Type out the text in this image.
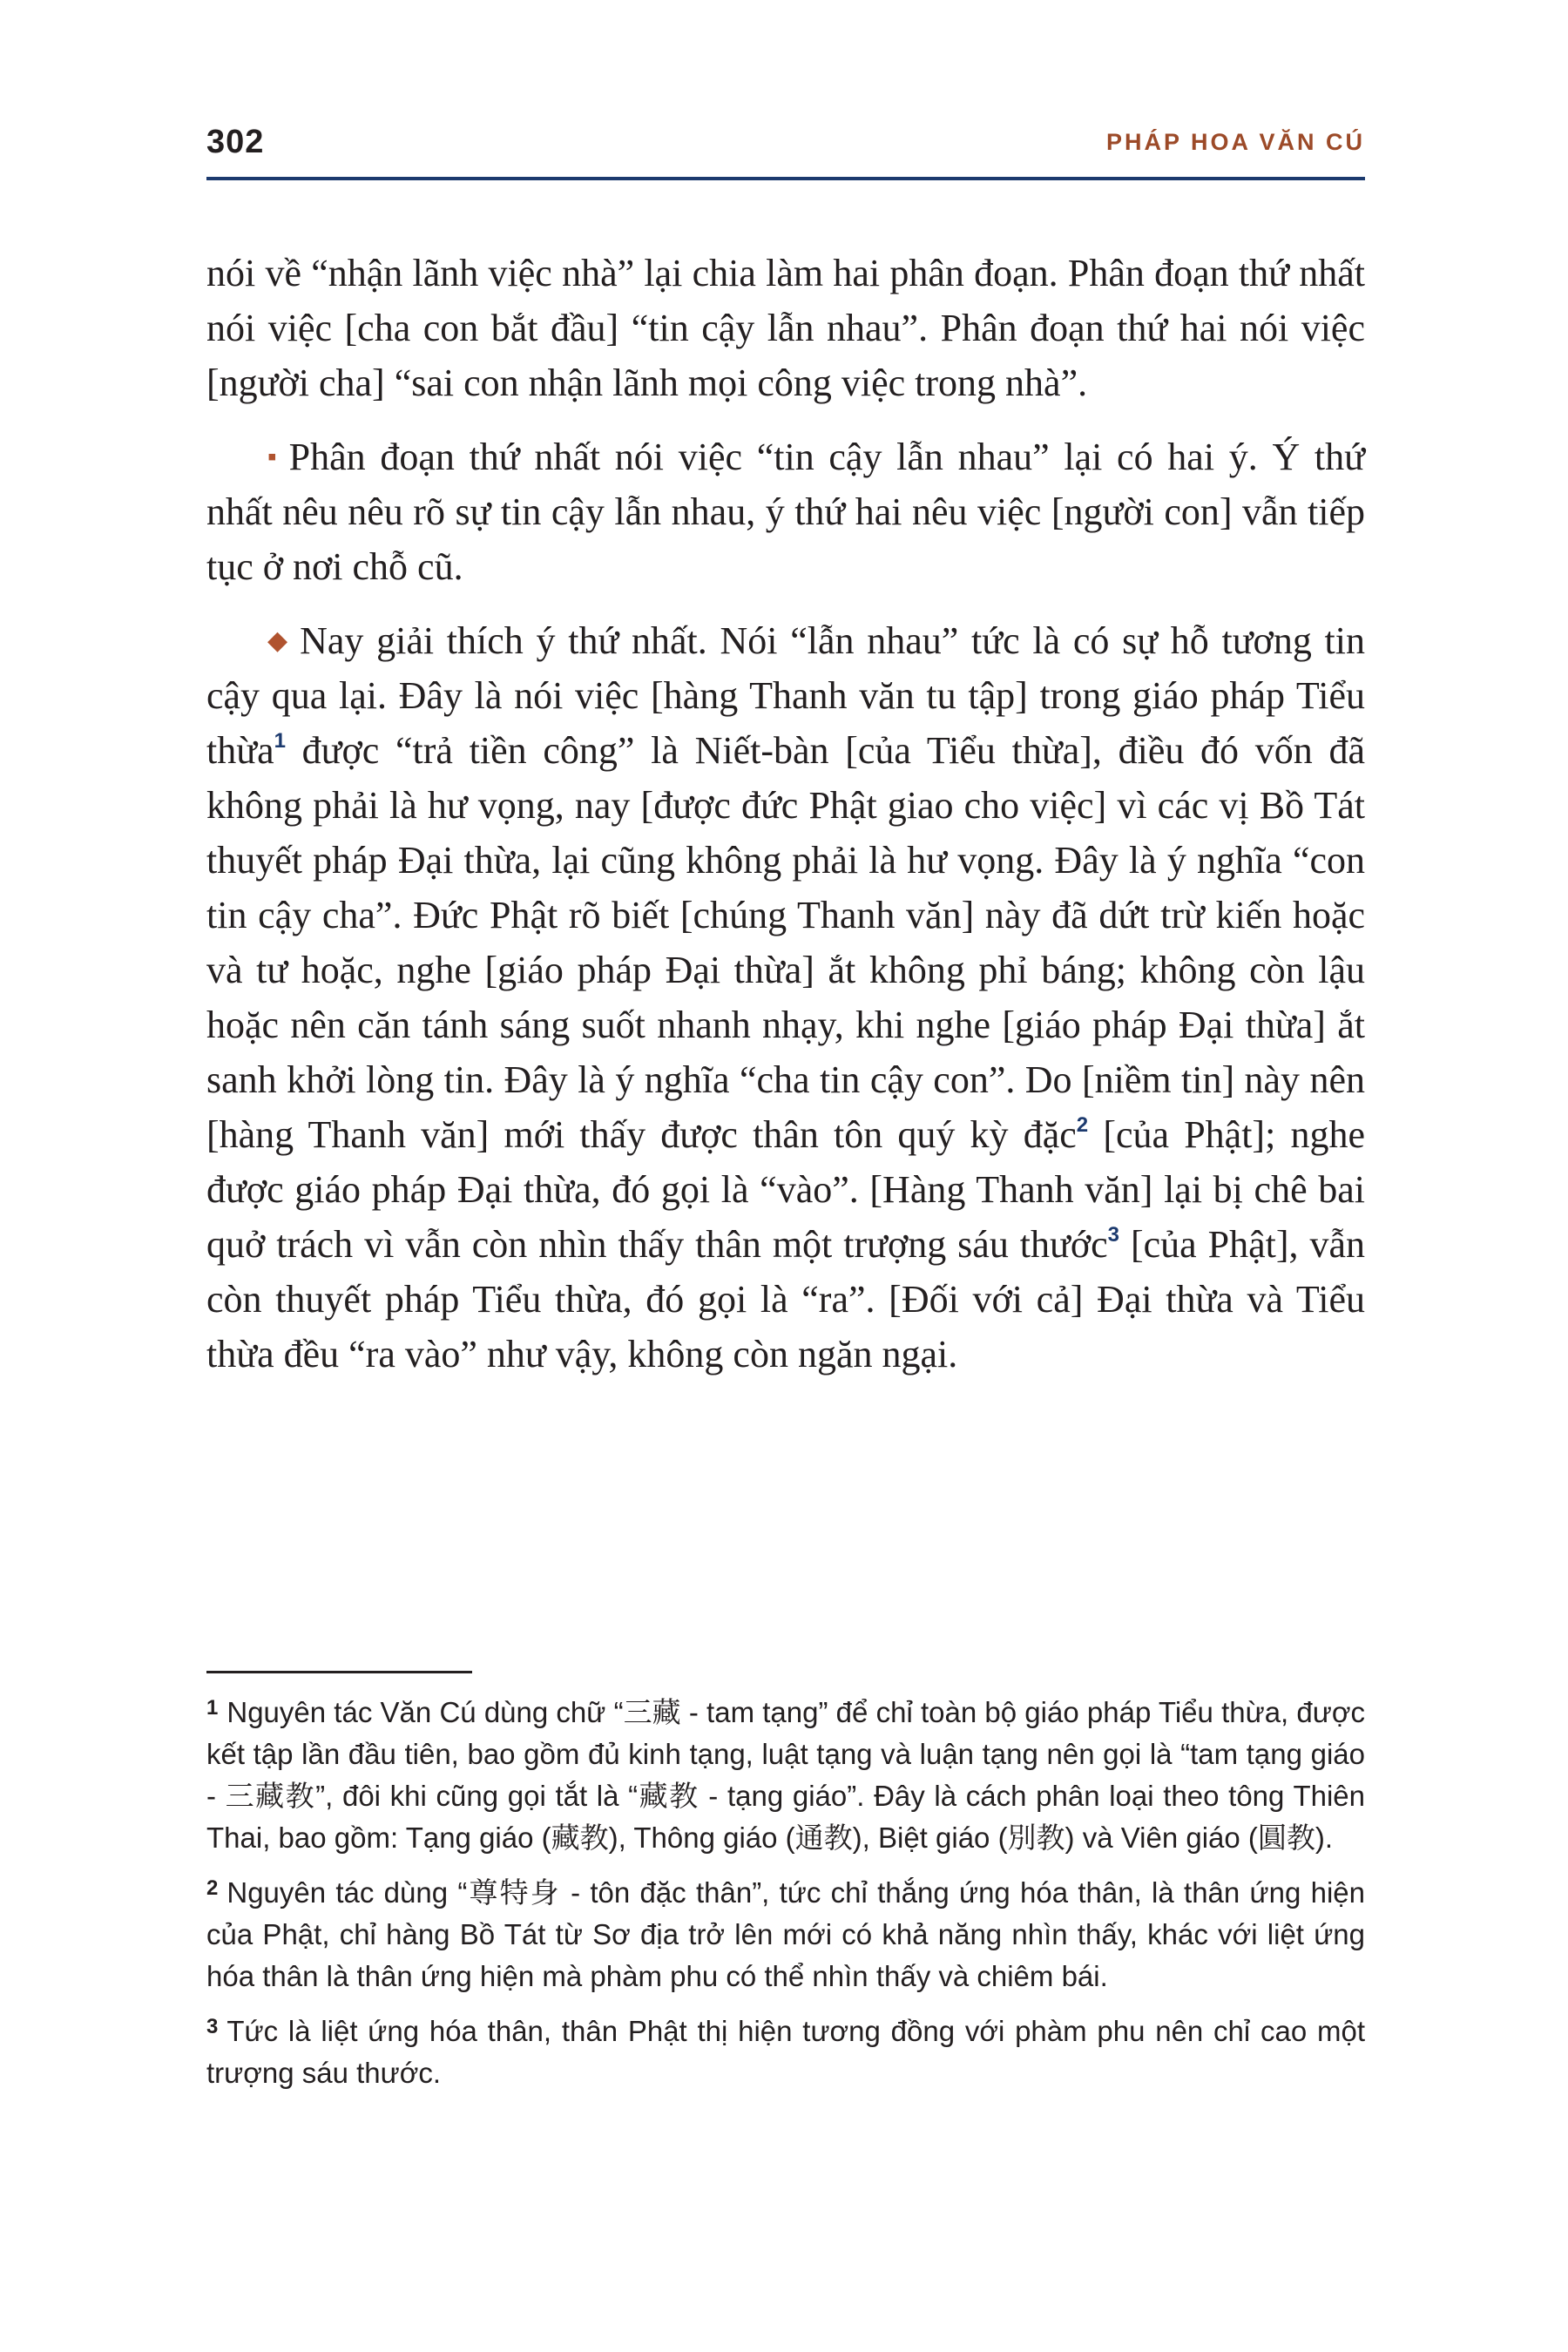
302	PHÁP HOA VĂN CÚ

nói về “nhận lãnh việc nhà” lại chia làm hai phân đoạn. Phân đoạn thứ nhất nói việc [cha con bắt đầu] “tin cậy lẫn nhau”. Phân đoạn thứ hai nói việc [người cha] “sai con nhận lãnh mọi công việc trong nhà”.

▪ Phân đoạn thứ nhất nói việc “tin cậy lẫn nhau” lại có hai ý. Ý thứ nhất nêu nêu rõ sự tin cậy lẫn nhau, ý thứ hai nêu việc [người con] vẫn tiếp tục ở nơi chỗ cũ.

◆ Nay giải thích ý thứ nhất. Nói “lẫn nhau” tức là có sự hỗ tương tin cậy qua lại. Đây là nói việc [hàng Thanh văn tu tập] trong giáo pháp Tiểu thừa$^1$ được “trả tiền công” là Niết-bàn [của Tiểu thừa], điều đó vốn đã không phải là hư vọng, nay [được đức Phật giao cho việc] vì các vị Bồ Tát thuyết pháp Đại thừa, lại cũng không phải là hư vọng. Đây là ý nghĩa “con tin cậy cha”. Đức Phật rõ biết [chúng Thanh văn] này đã dứt trừ kiến hoặc và tư hoặc, nghe [giáo pháp Đại thừa] ắt không phỉ báng; không còn lậu hoặc nên căn tánh sáng suốt nhanh nhạy, khi nghe [giáo pháp Đại thừa] ắt sanh khởi lòng tin. Đây là ý nghĩa “cha tin cậy con”. Do [niềm tin] này nên [hàng Thanh văn] mới thấy được thân tôn quý kỳ đặc$^2$ [của Phật]; nghe được giáo pháp Đại thừa, đó gọi là “vào”. [Hàng Thanh văn] lại bị chê bai quở trách vì vẫn còn nhìn thấy thân một trượng sáu thước$^3$ [của Phật], vẫn còn thuyết pháp Tiểu thừa, đó gọi là “ra”. [Đối với cả] Đại thừa và Tiểu thừa đều “ra vào” như vậy, không còn ngăn ngại.

$^1$ Nguyên tác Văn Cú dùng chữ “三藏 - tam tạng” để chỉ toàn bộ giáo pháp Tiểu thừa, được kết tập lần đầu tiên, bao gồm đủ kinh tạng, luật tạng và luận tạng nên gọi là “tam tạng giáo - 三藏教”, đôi khi cũng gọi tắt là “藏教 - tạng giáo”. Đây là cách phân loại theo tông Thiên Thai, bao gồm: Tạng giáo (藏教), Thông giáo (通教), Biệt giáo (別教) và Viên giáo (圓教).
$^2$ Nguyên tác dùng “尊特身 - tôn đặc thân”, tức chỉ thắng ứng hóa thân, là thân ứng hiện của Phật, chỉ hàng Bồ Tát từ Sơ địa trở lên mới có khả năng nhìn thấy, khác với liệt ứng hóa thân là thân ứng hiện mà phàm phu có thể nhìn thấy và chiêm bái.
$^3$ Tức là liệt ứng hóa thân, thân Phật thị hiện tương đồng với phàm phu nên chỉ cao một trượng sáu thước.
